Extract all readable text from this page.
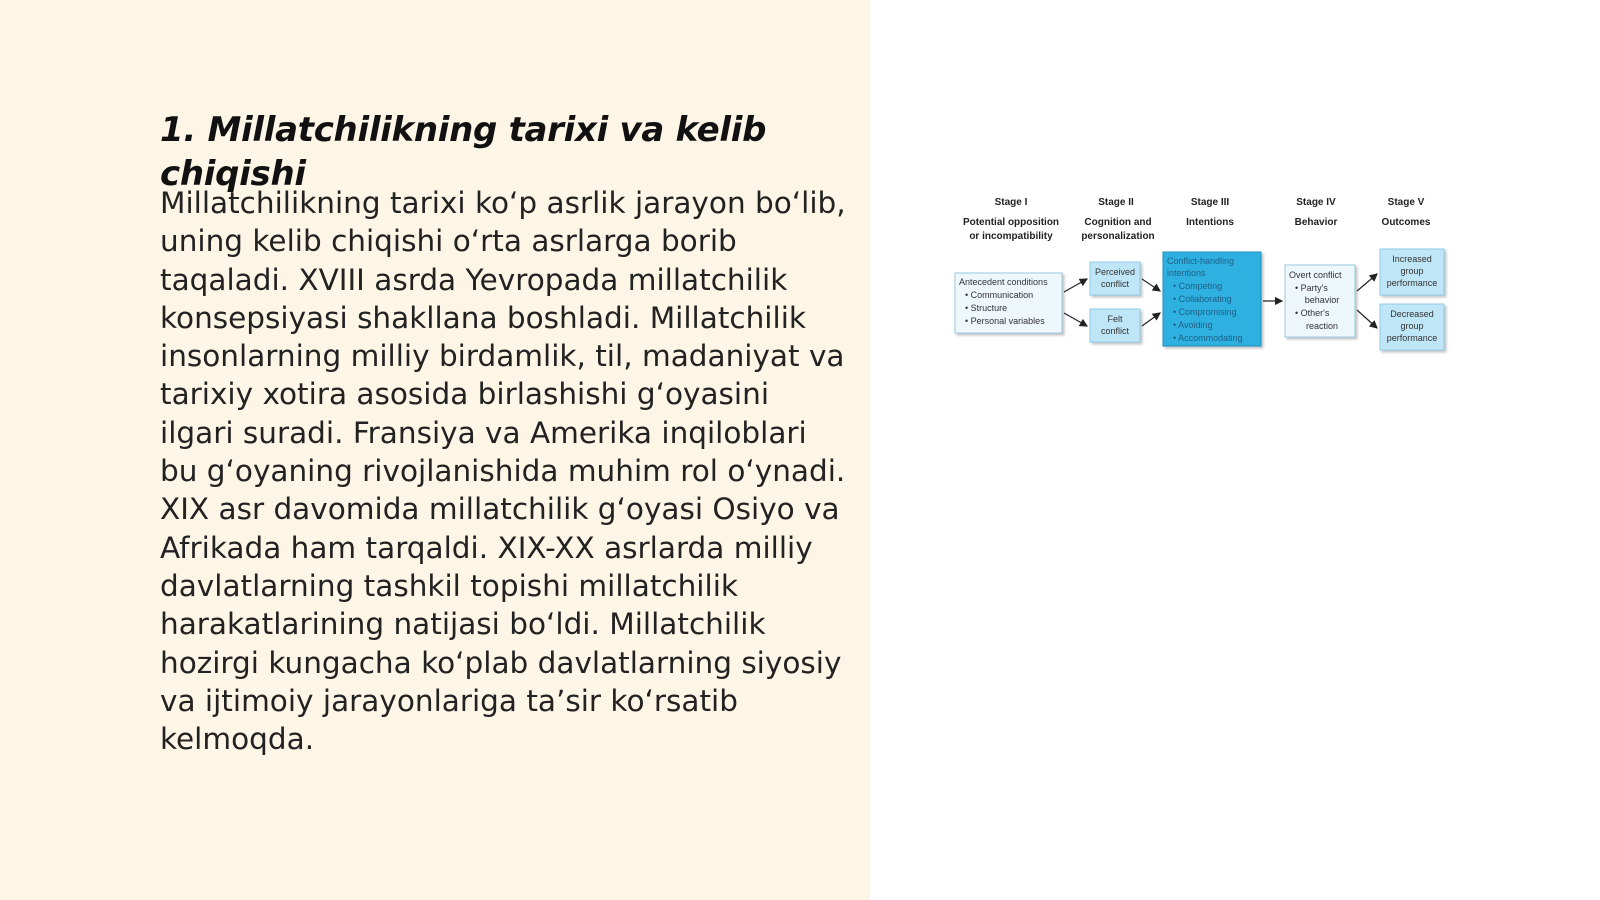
1. Millatchilikning tarixi va kelib chiqishi
Millatchilikning tarixi koʻp asrlik jarayon boʻlib, uning kelib chiqishi oʻrta asrlarga borib taqaladi. XVIII asrda Yevropada millatchilik konsepsiyasi shakllana boshladi. Millatchilik insonlarning milliy birdamlik, til, madaniyat va tarixiy xotira asosida birlashishi gʻoyasini ilgari suradi. Fransiya va Amerika inqiloblari bu gʻoyaning rivojlanishida muhim rol oʻynadi. XIX asr davomida millatchilik gʻoyasi Osiyo va Afrikada ham tarqaldi. XIX-XX asrlarda milliy davlatlarning tashkil topishi millatchilik harakatlarining natijasi boʻldi. Millatchilik hozirgi kungacha koʻplab davlatlarning siyosiy va ijtimoiy jarayonlariga taʼsir koʻrsatib kelmoqda.
Stage I
Potential opposition
or incompatibility
Stage II
Cognition and
personalization
Stage III
Intentions
Stage IV
Behavior
Stage V
Outcomes
Antecedent conditions
• Communication
• Structure
• Personal variables
Perceived
conflict
Felt
conflict
Conflict-handling
intentions
• Competing
• Collaborating
• Compromising
• Avoiding
• Accommodating
Overt conflict
• Party's
behavior
• Other's
reaction
Increased
group
performance
Decreased
group
performance
